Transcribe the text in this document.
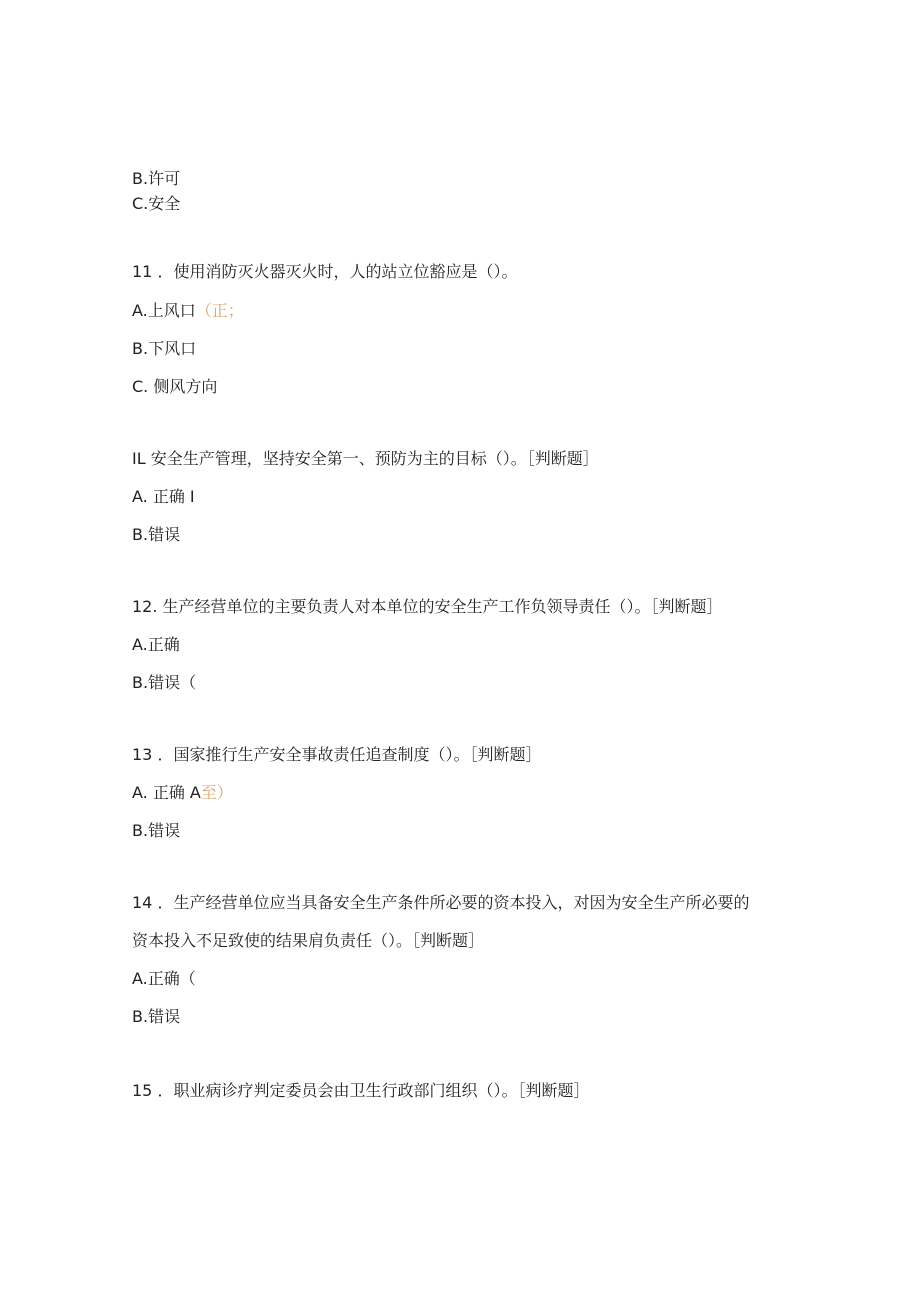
B.许可
C.安全
11 ．使用消防灭火器灭火时，人的站立位豁应是（）。
A.上风口（正；
B.下风口
C. 侧风方向
IL 安全生产管理，坚持安全第一、预防为主的目标（）。［判断题］
A. 正确 I
B.错误
12. 生产经营单位的主要负责人对本单位的安全生产工作负领导责任（）。［判断题］
A.正确
B.错误（
13 ．国家推行生产安全事故责任追查制度（）。［判断题］
A. 正确 A至）
B.错误
14 ．生产经营单位应当具备安全生产条件所必要的资本投入，对因为安全生产所必要的
资本投入不足致使的结果肩负责任（）。［判断题］
A.正确（
B.错误
15 ．职业病诊疗判定委员会由卫生行政部门组织（）。［判断题］
